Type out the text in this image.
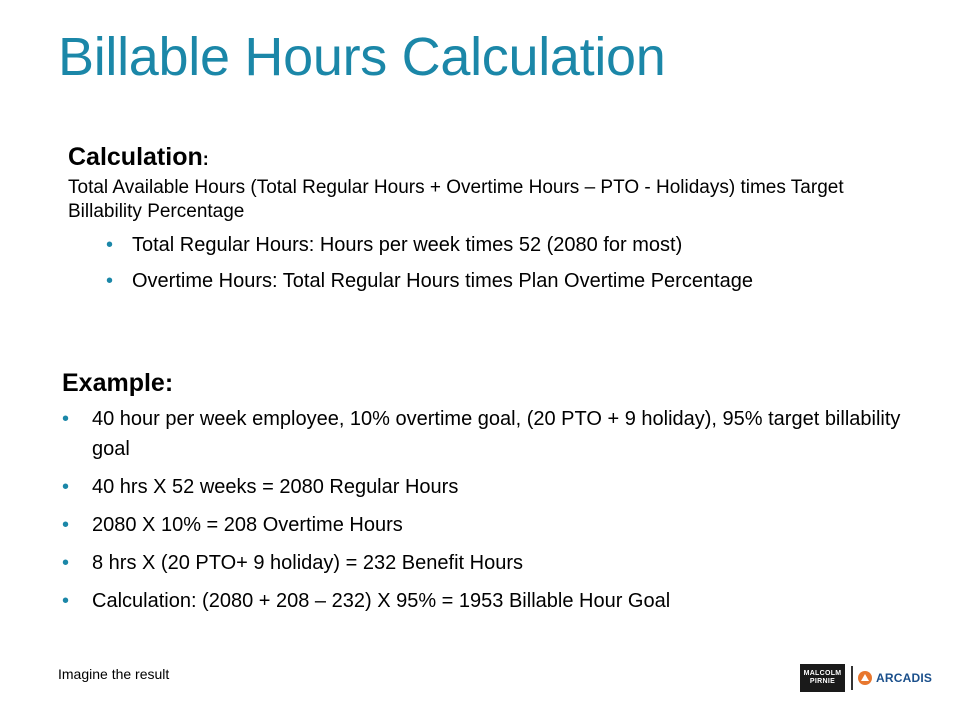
Billable Hours Calculation
Calculation:
Total Available Hours (Total Regular Hours + Overtime Hours – PTO - Holidays) times Target Billability Percentage
• Total Regular Hours: Hours per week times 52 (2080 for most)
• Overtime Hours: Total Regular Hours times Plan Overtime Percentage
Example:
• 40 hour per week employee, 10% overtime goal, (20 PTO + 9 holiday), 95% target billability goal
• 40 hrs X 52 weeks = 2080 Regular Hours
• 2080 X 10% = 208 Overtime Hours
• 8 hrs X (20 PTO+ 9 holiday) = 232 Benefit Hours
• Calculation: (2080 + 208 – 232) X 95% = 1953 Billable Hour Goal
Imagine the result	MALCOLM
PIRNIE	ARCADIS
